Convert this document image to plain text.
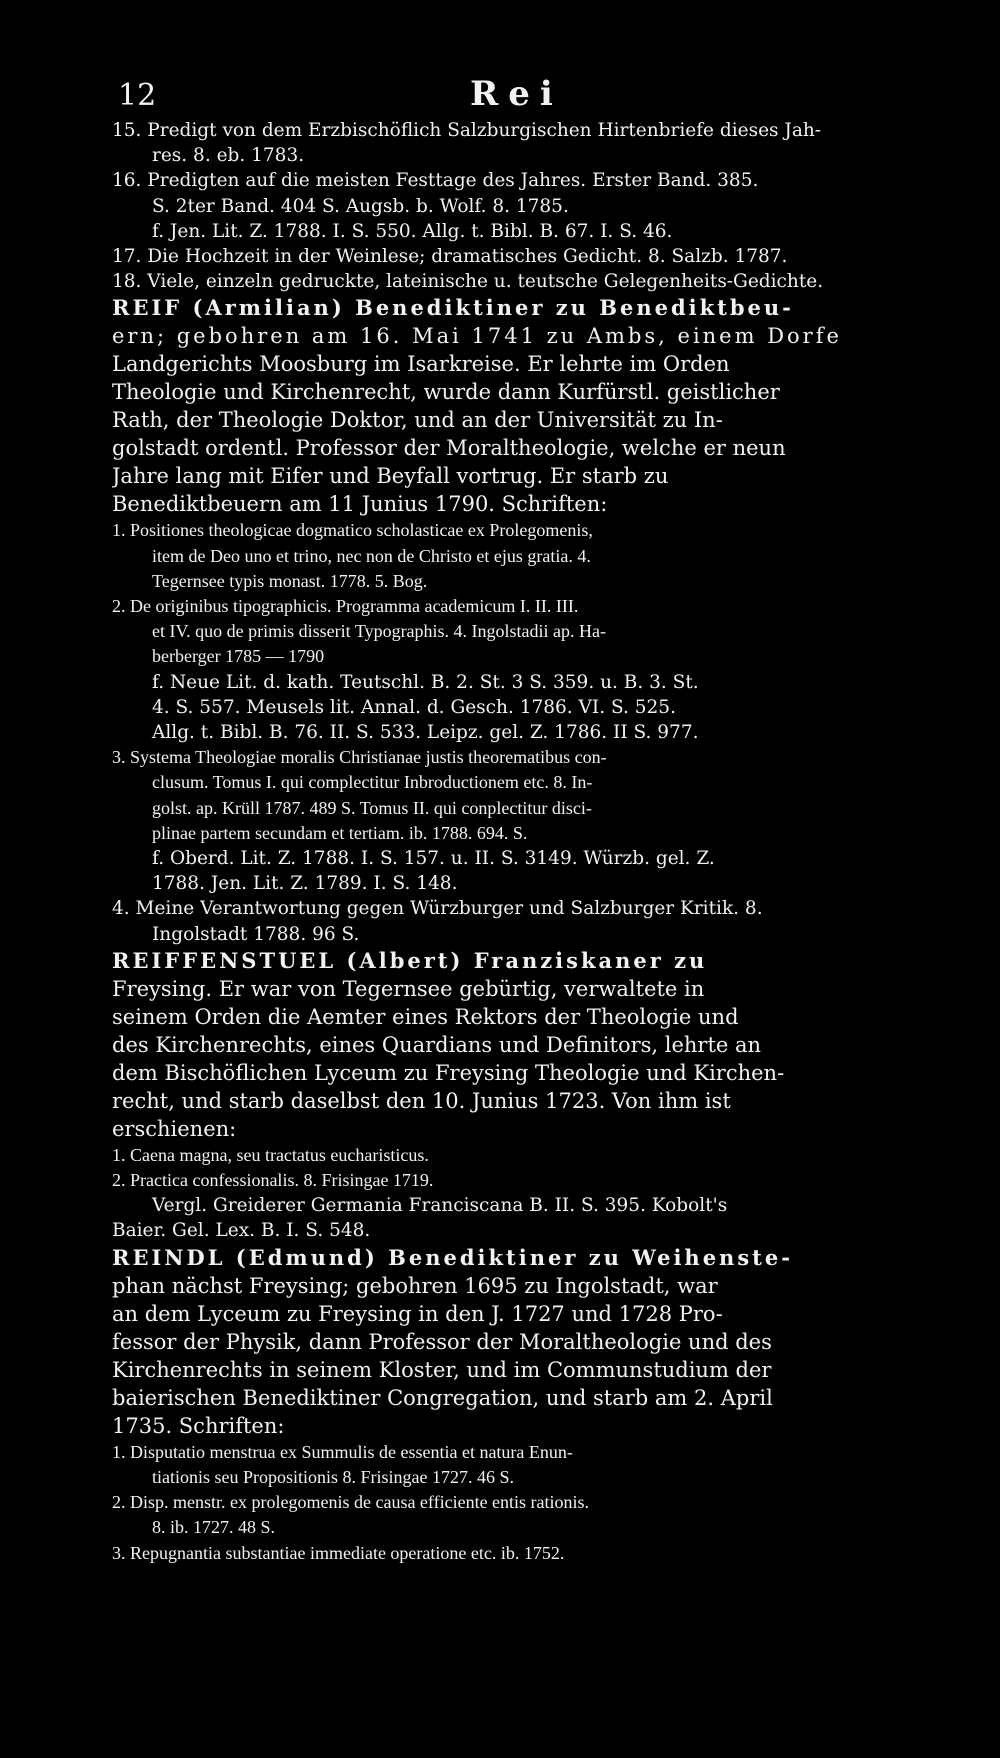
12	Rei
15. Predigt von dem Erzbischöflich Salzburgischen Hirtenbriefe dieses Jah-
res. 8. eb. 1783.
16. Predigten auf die meisten Festtage des Jahres. Erster Band. 385.
S. 2ter Band. 404 S. Augsb. b. Wolf. 8. 1785.
f. Jen. Lit. Z. 1788. I. S. 550. Allg. t. Bibl. B. 67. I. S. 46.
17. Die Hochzeit in der Weinlese; dramatisches Gedicht. 8. Salzb. 1787.
18. Viele, einzeln gedruckte, lateinische u. teutsche Gelegenheits-Gedichte.
REIF (Armilian) Benediktiner zu Benediktbeu-
ern; gebohren am 16. Mai 1741 zu Ambs, einem Dorfe
Landgerichts Moosburg im Isarkreise. Er lehrte im Orden
Theologie und Kirchenrecht, wurde dann Kurfürstl. geistlicher
Rath, der Theologie Doktor, und an der Universität zu In-
golstadt ordentl. Professor der Moraltheologie, welche er neun
Jahre lang mit Eifer und Beyfall vortrug. Er starb zu
Benediktbeuern am 11 Junius 1790. Schriften:
1. Positiones theologicae dogmatico scholasticae ex Prolegomenis,
item de Deo uno et trino, nec non de Christo et ejus gratia. 4.
Tegernsee typis monast. 1778. 5. Bog.
2. De originibus tipographicis. Programma academicum I. II. III.
et IV. quo de primis disserit Typographis. 4. Ingolstadii ap. Ha-
berberger 1785 — 1790
f. Neue Lit. d. kath. Teutschl. B. 2. St. 3 S. 359. u. B. 3. St.
4. S. 557. Meusels lit. Annal. d. Gesch. 1786. VI. S. 525.
Allg. t. Bibl. B. 76. II. S. 533. Leipz. gel. Z. 1786. II S. 977.
3. Systema Theologiae moralis Christianae justis theorematibus con-
clusum. Tomus I. qui complectitur Inbroductionem etc. 8. In-
golst. ap. Krüll 1787. 489 S. Tomus II. qui conplectitur disci-
plinae partem secundam et tertiam. ib. 1788. 694. S.
f. Oberd. Lit. Z. 1788. I. S. 157. u. II. S. 3149. Würzb. gel. Z.
1788. Jen. Lit. Z. 1789. I. S. 148.
4. Meine Verantwortung gegen Würzburger und Salzburger Kritik. 8.
Ingolstadt 1788. 96 S.
REIFFENSTUEL (Albert) Franziskaner zu
Freysing. Er war von Tegernsee gebürtig, verwaltete in
seinem Orden die Aemter eines Rektors der Theologie und
des Kirchenrechts, eines Quardians und Definitors, lehrte an
dem Bischöflichen Lyceum zu Freysing Theologie und Kirchen-
recht, und starb daselbst den 10. Junius 1723. Von ihm ist
erschienen:
1. Caena magna, seu tractatus eucharisticus.
2. Practica confessionalis. 8. Frisingae 1719.
Vergl. Greiderer Germania Franciscana B. II. S. 395. Kobolt's
Baier. Gel. Lex. B. I. S. 548.
REINDL (Edmund) Benediktiner zu Weihenste-
phan nächst Freysing; gebohren 1695 zu Ingolstadt, war
an dem Lyceum zu Freysing in den J. 1727 und 1728 Pro-
fessor der Physik, dann Professor der Moraltheologie und des
Kirchenrechts in seinem Kloster, und im Communstudium der
baierischen Benediktiner Congregation, und starb am 2. April
1735. Schriften:
1. Disputatio menstrua ex Summulis de essentia et natura Enun-
tiationis seu Propositionis 8. Frisingae 1727. 46 S.
2. Disp. menstr. ex prolegomenis de causa efficiente entis rationis.
8. ib. 1727. 48 S.
3. Repugnantia substantiae immediate operatione etc. ib. 1752.
